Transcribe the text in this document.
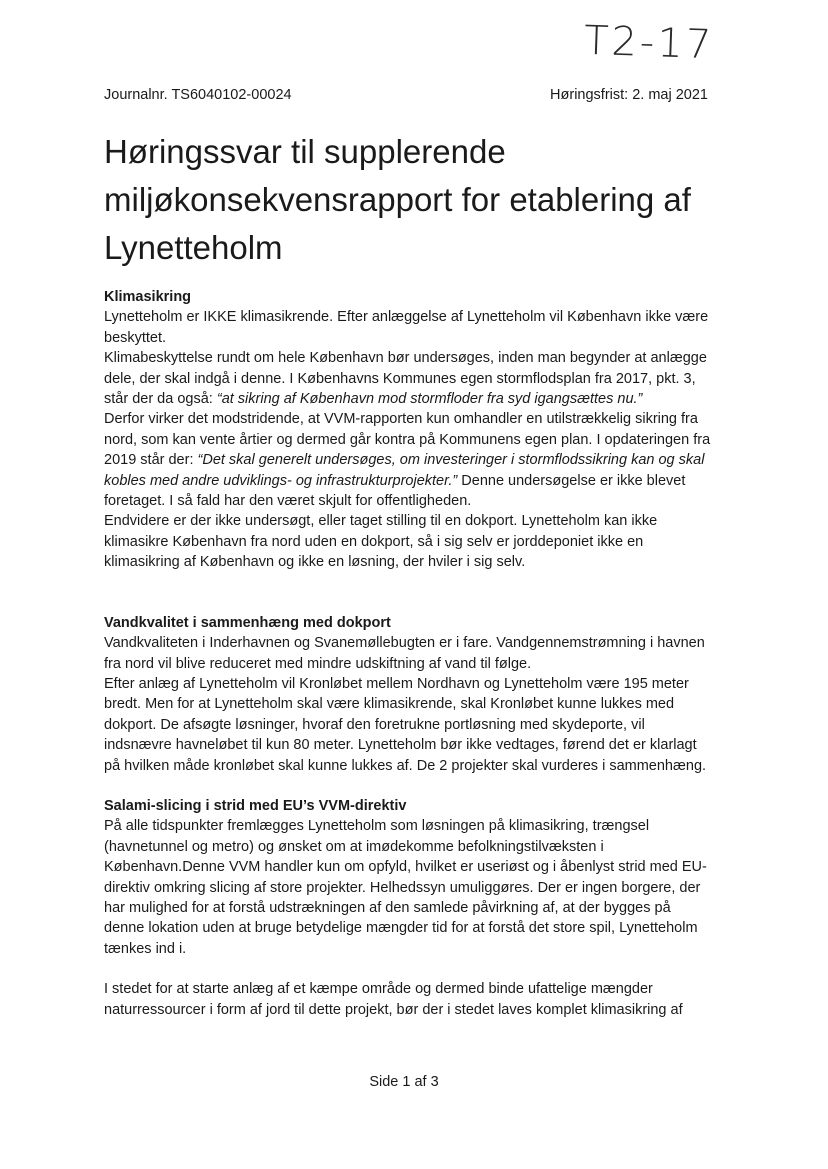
T2-17
Journalnr. TS6040102-00024	Høringsfrist: 2. maj 2021
Høringssvar til supplerende miljøkonsekvensrapport for etablering af Lynetteholm

Klimasikring

Lynetteholm er IKKE klimasikrende. Efter anlæggelse af Lynetteholm vil København ikke være beskyttet.

Klimabeskyttelse rundt om hele København bør undersøges, inden man begynder at anlægge dele, der skal indgå i denne. I Københavns Kommunes egen stormflodsplan fra 2017, pkt. 3, står der da også: “at sikring af København mod stormfloder fra syd igangsættes nu.”

Derfor virker det modstridende, at VVM-rapporten kun omhandler en utilstrækkelig sikring fra nord, som kan vente årtier og dermed går kontra på Kommunens egen plan. I opdateringen fra 2019 står der: “Det skal generelt undersøges, om investeringer i stormflodssikring kan og skal kobles med andre udviklings- og infrastrukturprojekter.” Denne undersøgelse er ikke blevet foretaget. I så fald har den været skjult for offentligheden.

Endvidere er der ikke undersøgt, eller taget stilling til en dokport. Lynetteholm kan ikke klimasikre København fra nord uden en dokport, så i sig selv er jorddeponiet ikke en klimasikring af København og ikke en løsning, der hviler i sig selv.

Vandkvalitet i sammenhæng med dokport

Vandkvaliteten i Inderhavnen og Svanemøllebugten er i fare. Vandgennemstrømning i havnen fra nord vil blive reduceret med mindre udskiftning af vand til følge.

Efter anlæg af Lynetteholm vil Kronløbet mellem Nordhavn og Lynetteholm være 195 meter bredt. Men for at Lynetteholm skal være klimasikrende, skal Kronløbet kunne lukkes med dokport. De afsøgte løsninger, hvoraf den foretrukne portløsning med skydeporte, vil indsnævre havneløbet til kun 80 meter. Lynetteholm bør ikke vedtages, førend det er klarlagt på hvilken måde kronløbet skal kunne lukkes af. De 2 projekter skal vurderes i sammenhæng.

Salami-slicing i strid med EU’s VVM-direktiv

På alle tidspunkter fremlægges Lynetteholm som løsningen på klimasikring, trængsel (havnetunnel og metro) og ønsket om at imødekomme befolkningstilvæksten i København.Denne VVM handler kun om opfyld, hvilket er useriøst og i åbenlyst strid med EU-direktiv omkring slicing af store projekter. Helhedssyn umuliggøres. Der er ingen borgere, der har mulighed for at forstå udstrækningen af den samlede påvirkning af, at der bygges på denne lokation uden at bruge betydelige mængder tid for at forstå det store spil, Lynetteholm tænkes ind i.

I stedet for at starte anlæg af et kæmpe område og dermed binde ufattelige mængder naturressourcer i form af jord til dette projekt, bør der i stedet laves komplet klimasikring af

Side 1 af 3
